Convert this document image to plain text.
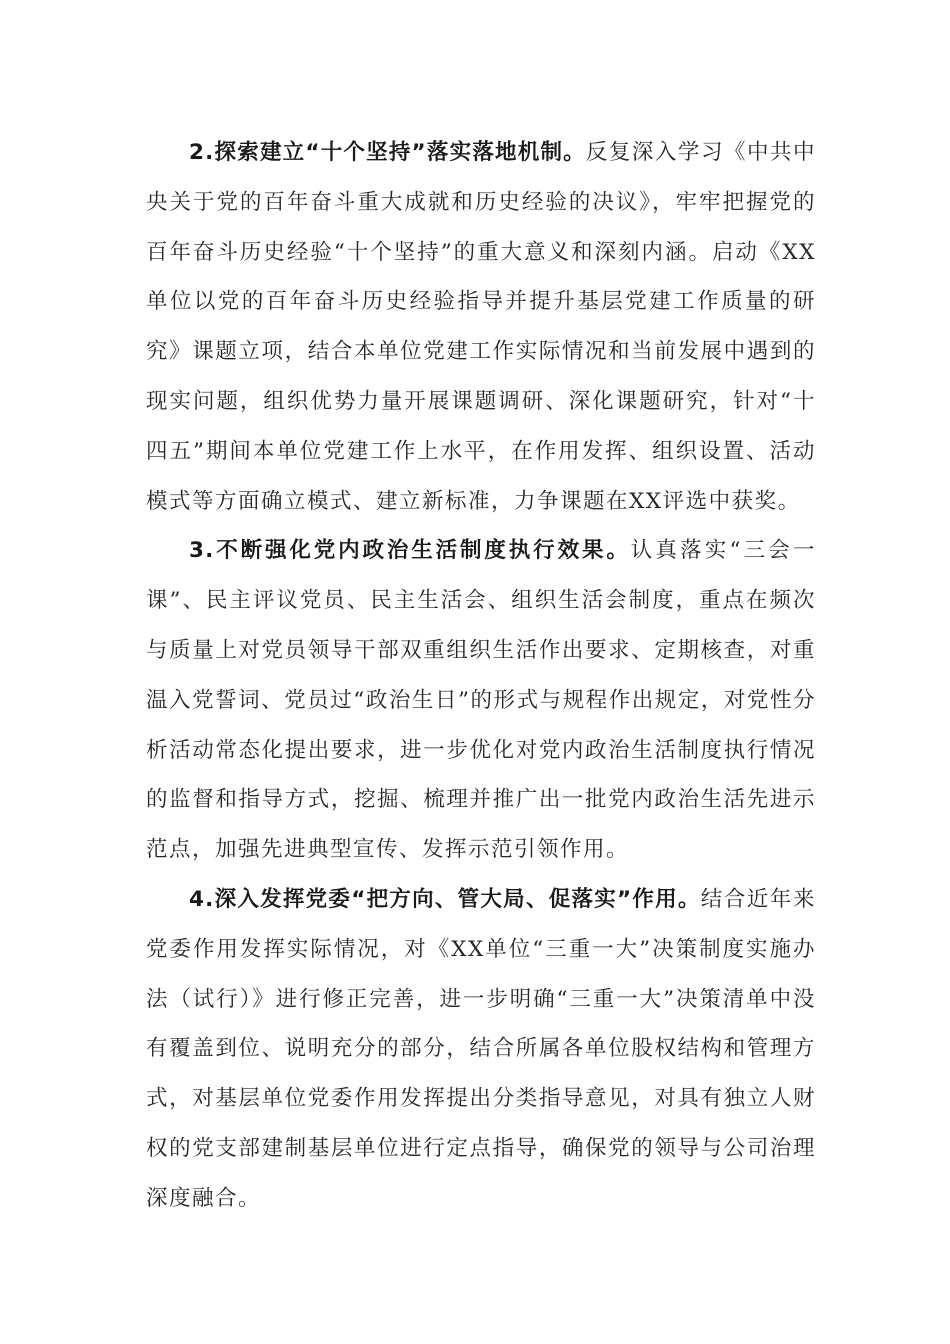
2.探索建立“十个坚持”落实落地机制。反复深入学习《中共中央关于党的百年奋斗重大成就和历史经验的决议》，牢牢把握党的百年奋斗历史经验“十个坚持”的重大意义和深刻内涵。启动《XX单位以党的百年奋斗历史经验指导并提升基层党建工作质量的研究》课题立项，结合本单位党建工作实际情况和当前发展中遇到的现实问题，组织优势力量开展课题调研、深化课题研究，针对“十四五”期间本单位党建工作上水平，在作用发挥、组织设置、活动模式等方面确立模式、建立新标准，力争课题在XX评选中获奖。

3.不断强化党内政治生活制度执行效果。认真落实“三会一课”、民主评议党员、民主生活会、组织生活会制度，重点在频次与质量上对党员领导干部双重组织生活作出要求、定期核查，对重温入党誓词、党员过“政治生日”的形式与规程作出规定，对党性分析活动常态化提出要求，进一步优化对党内政治生活制度执行情况的监督和指导方式，挖掘、梳理并推广出一批党内政治生活先进示范点，加强先进典型宣传、发挥示范引领作用。

4.深入发挥党委“把方向、管大局、促落实”作用。结合近年来党委作用发挥实际情况，对《XX单位“三重一大”决策制度实施办法（试行）》进行修正完善，进一步明确“三重一大”决策清单中没有覆盖到位、说明充分的部分，结合所属各单位股权结构和管理方式，对基层单位党委作用发挥提出分类指导意见，对具有独立人财权的党支部建制基层单位进行定点指导，确保党的领导与公司治理深度融合。
